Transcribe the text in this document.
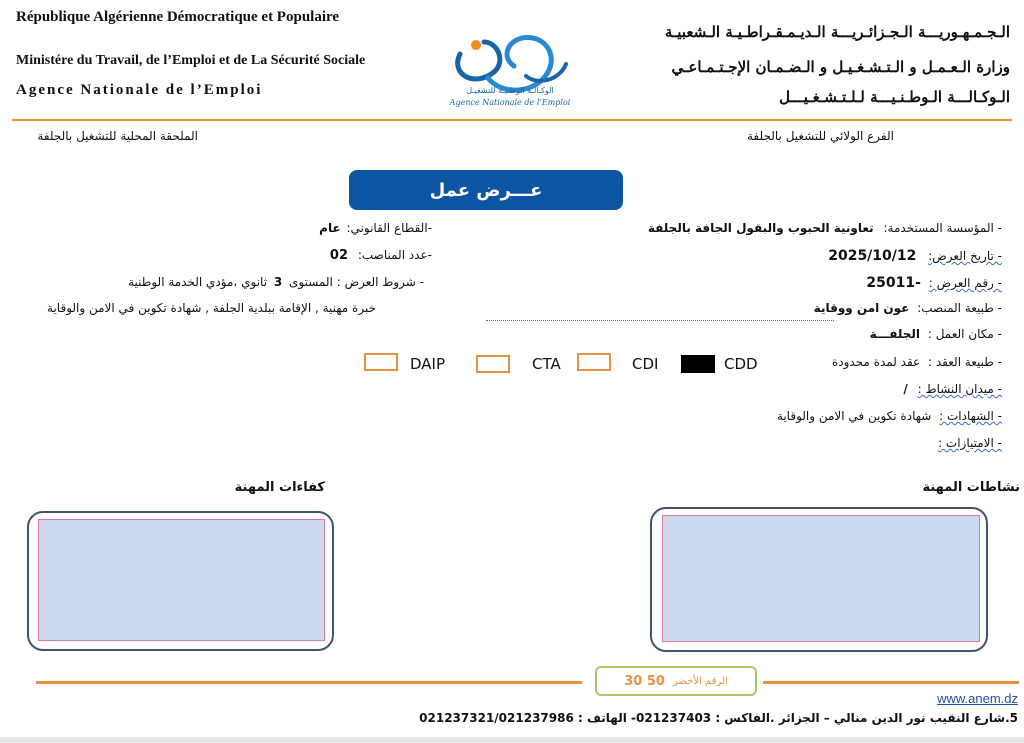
République Algérienne Démocratique et Populaire
Ministére du Travail, de l’Emploi et de La Sécurité Sociale
Agence Nationale de l’Emploi	الوكـالـة الوطنيـة للتشغيـل
Agence Nationale de l’Emploi
الـجـمـهـوريـــة الـجـزائـريـــة الـديـمـقـراطـيـة الـشعبيـة
وزارة الـعـمـل و الـتـشـغـيـل و الـضـمـان الإجـتـمـاعـي
الـوكـالـــة الـوطـنـيـــة لـلـتـشـغـيـــل
الفرع الولائي للتشغيل بالجلفة
الملحقة المحلية للتشغيل بالجلفة
عـــرض عمل
- المؤسسة المستخدمة: تعاونية الحبوب والبقول الجافة بالجلفة
- تاريخ العرض: 2025/10/12
- رقم العرض : -25011
- طبيعة المنصب: عون امن ووقاية
- مكان العمل : الجلفـــة
- طبيعة العقد : عقد لمدة محدودة
- ميدان النشاط : /
- الشهادات : شهادة تكوين في الامن والوقاية
- الامتيازات :
-القطاع القانوني: عام
-عدد المناصب: 02
- شروط العرض : المستوى 3 ثانوي ،مؤدي الخدمة الوطنية
خبرة مهنية , الإقامة ببلدية الجلفة , شهادة تكوين في الامن والوقاية
CDD
CDI
CTA
DAIP
نشاطات المهنة
كفاءات المهنة
الرقم الأخضر
30 50
www.anem.dz
5.شارع النقيب نور الدين منالي – الجزائر .الفاكس : 021237403- الهاتف : 021237321/021237986
